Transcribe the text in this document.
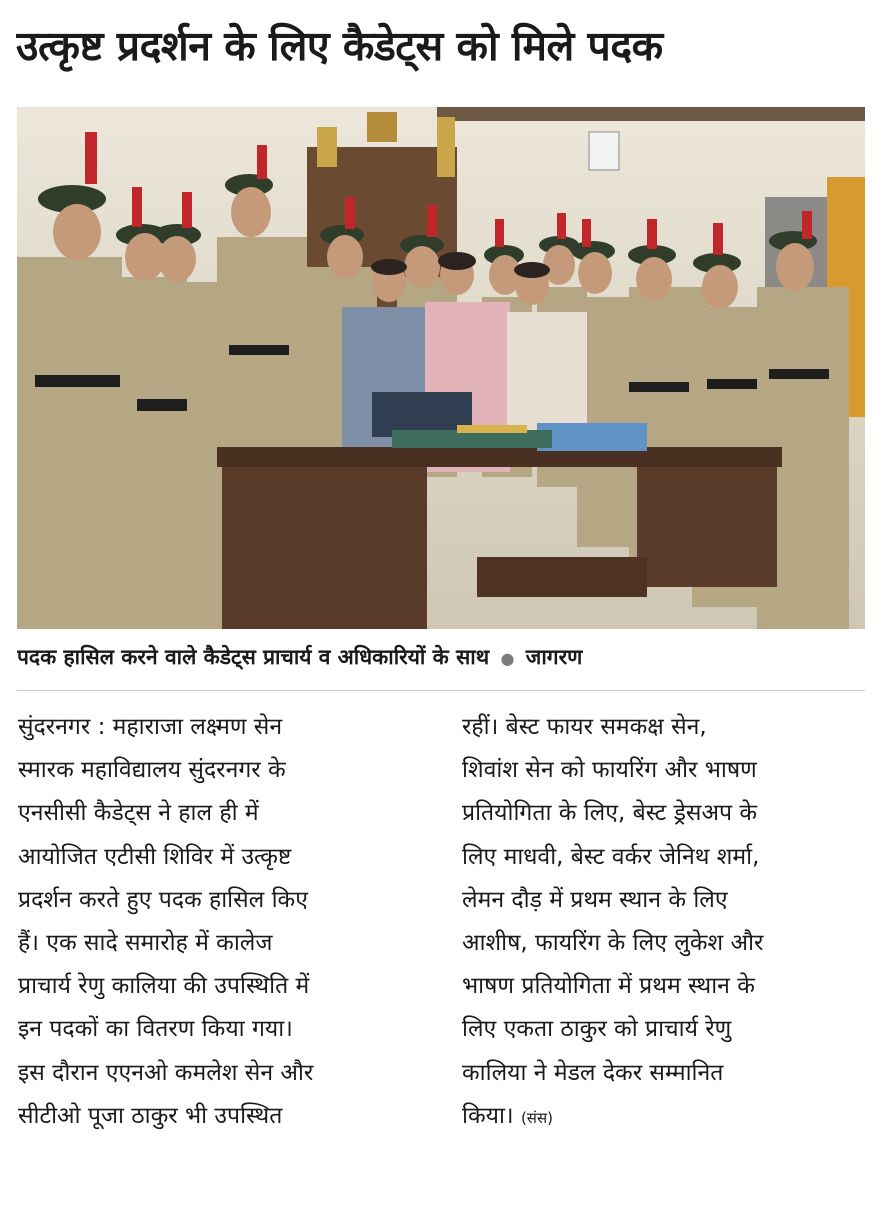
उत्कृष्ट प्रदर्शन के लिए कैडेट्स को मिले पदक
पदक हासिल करने वाले कैडेट्स प्राचार्य व अधिकारियों के साथ ● जागरण
सुंदरनगर : महाराजा लक्ष्मण सेन
स्मारक महाविद्यालय सुंदरनगर के
एनसीसी कैडेट्स ने हाल ही में
आयोजित एटीसी शिविर में उत्कृष्ट
प्रदर्शन करते हुए पदक हासिल किए
हैं। एक सादे समारोह में कालेज
प्राचार्य रेणु कालिया की उपस्थिति में
इन पदकों का वितरण किया गया।
इस दौरान एएनओ कमलेश सेन और
सीटीओ पूजा ठाकुर भी उपस्थित
रहीं। बेस्ट फायर समकक्ष सेन,
शिवांश सेन को फायरिंग और भाषण
प्रतियोगिता के लिए, बेस्ट ड्रेसअप के
लिए माधवी, बेस्ट वर्कर जेनिथ शर्मा,
लेमन दौड़ में प्रथम स्थान के लिए
आशीष, फायरिंग के लिए लुकेश और
भाषण प्रतियोगिता में प्रथम स्थान के
लिए एकता ठाकुर को प्राचार्य रेणु
कालिया ने मेडल देकर सम्मानित
किया। (संस)
